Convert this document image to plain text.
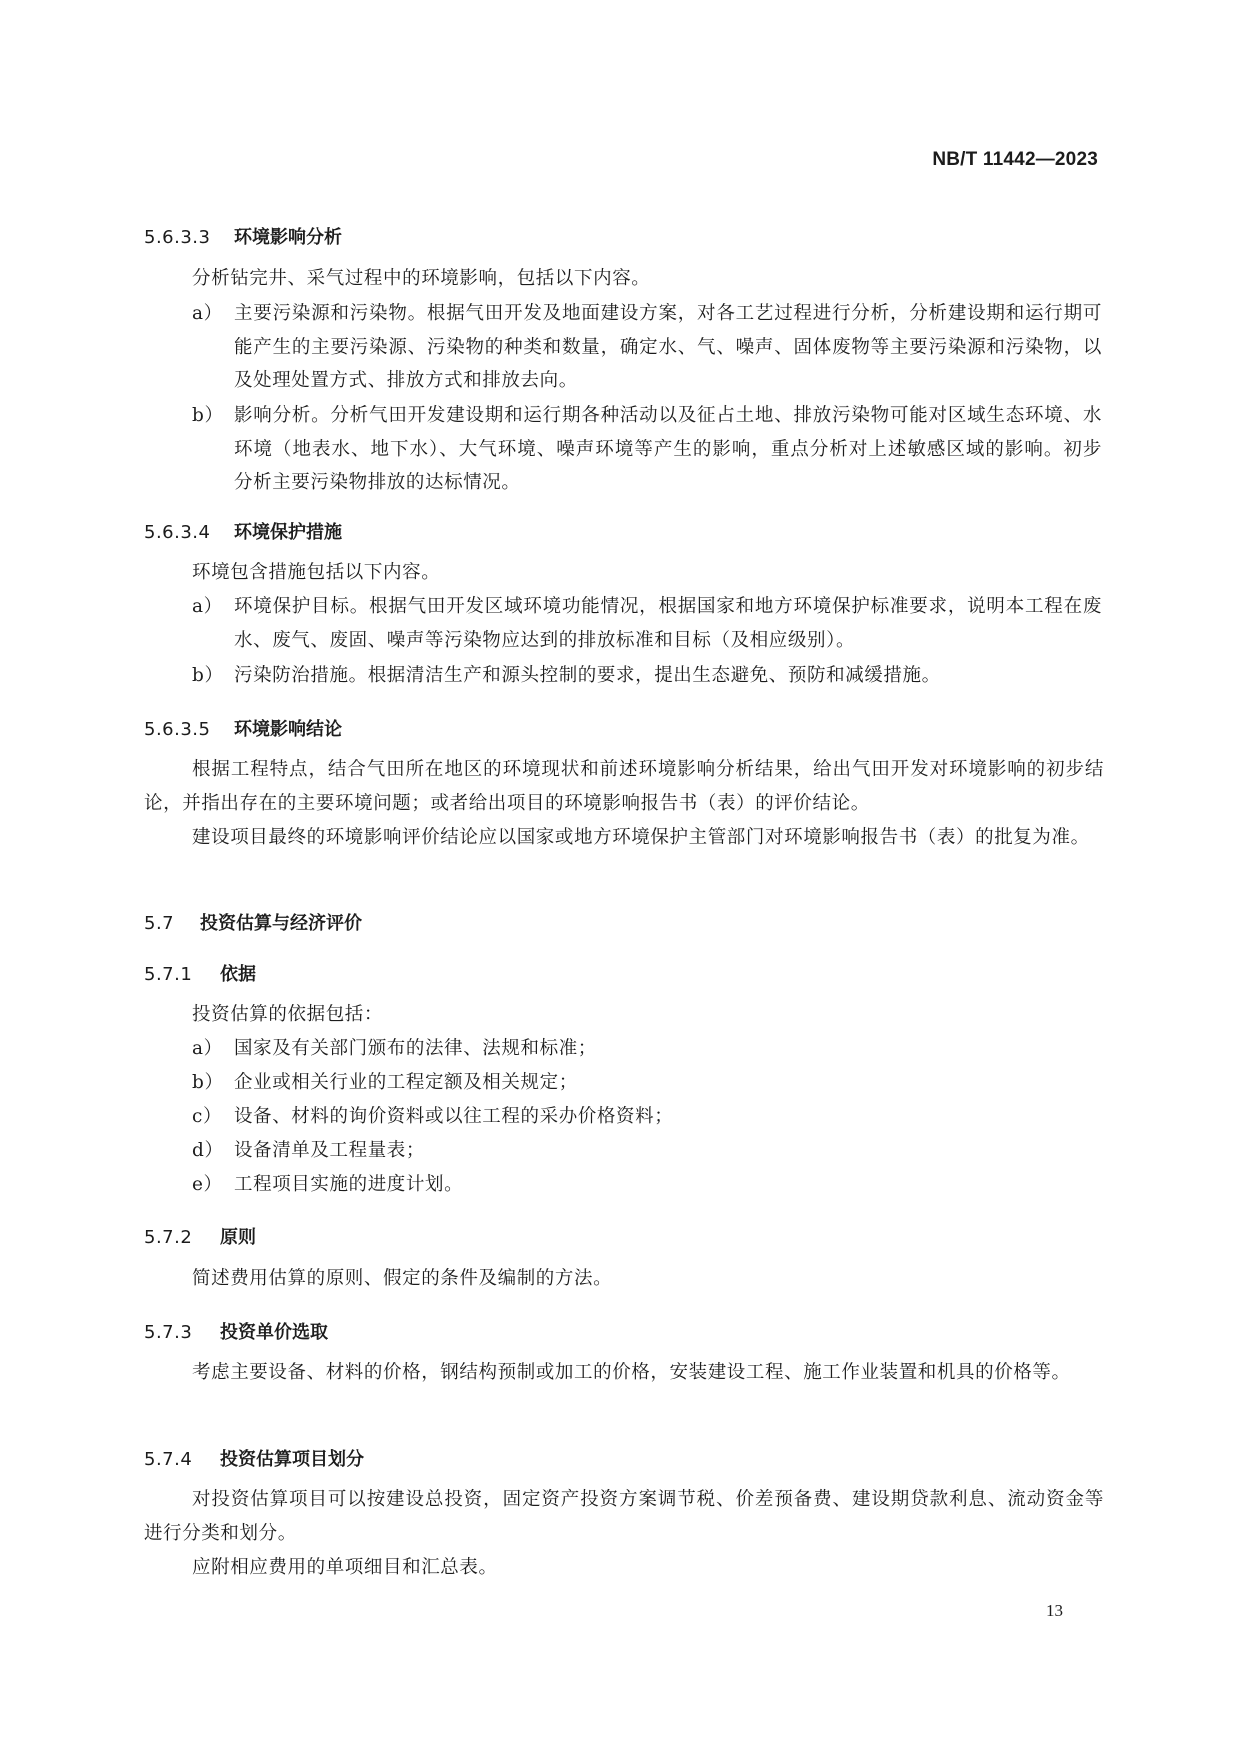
NB/T 11442—2023
5.6.3.3 环境影响分析
分析钻完井、采气过程中的环境影响，包括以下内容。
a） 主要污染源和污染物。根据气田开发及地面建设方案，对各工艺过程进行分析，分析建设期和运行期可能产生的主要污染源、污染物的种类和数量，确定水、气、噪声、固体废物等主要污染源和污染物，以及处理处置方式、排放方式和排放去向。
b） 影响分析。分析气田开发建设期和运行期各种活动以及征占土地、排放污染物可能对区域生态环境、水环境（地表水、地下水）、大气环境、噪声环境等产生的影响，重点分析对上述敏感区域的影响。初步分析主要污染物排放的达标情况。
5.6.3.4 环境保护措施
环境包含措施包括以下内容。
a） 环境保护目标。根据气田开发区域环境功能情况，根据国家和地方环境保护标准要求，说明本工程在废水、废气、废固、噪声等污染物应达到的排放标准和目标（及相应级别）。
b） 污染防治措施。根据清洁生产和源头控制的要求，提出生态避免、预防和减缓措施。
5.6.3.5 环境影响结论
根据工程特点，结合气田所在地区的环境现状和前述环境影响分析结果，给出气田开发对环境影响的初步结论，并指出存在的主要环境问题；或者给出项目的环境影响报告书（表）的评价结论。
建设项目最终的环境影响评价结论应以国家或地方环境保护主管部门对环境影响报告书（表）的批复为准。
5.7 投资估算与经济评价
5.7.1 依据
投资估算的依据包括：
a） 国家及有关部门颁布的法律、法规和标准；
b） 企业或相关行业的工程定额及相关规定；
c） 设备、材料的询价资料或以往工程的采办价格资料；
d） 设备清单及工程量表；
e） 工程项目实施的进度计划。
5.7.2 原则
简述费用估算的原则、假定的条件及编制的方法。
5.7.3 投资单价选取
考虑主要设备、材料的价格，钢结构预制或加工的价格，安装建设工程、施工作业装置和机具的价格等。
5.7.4 投资估算项目划分
对投资估算项目可以按建设总投资，固定资产投资方案调节税、价差预备费、建设期贷款利息、流动资金等进行分类和划分。
应附相应费用的单项细目和汇总表。
13
